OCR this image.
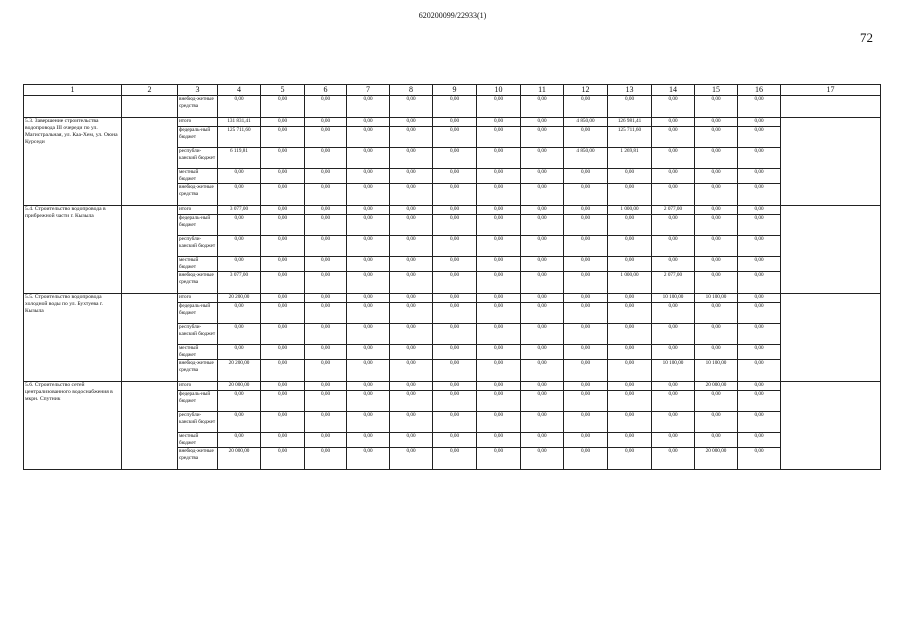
620200099/22933(1)
72
1	2	3	4	5	6	7	8	9	10	11	12	13	14	15	16	17
		внебюд-жетные средства	0,00	0,00	0,00	0,00	0,00	0,00	0,00	0,00	0,00	0,00	0,00	0,00	0,00	
5.3. Завершение строительства водопровода III очереди по ул. Магистральная, ул. Каа-Хем, ул. Оюна Курседи		итого	131 831,41	0,00	0,00	0,00	0,00	0,00	0,00	0,00	4 850,00	126 981,41	0,00	0,00	0,00	
		федераль-ный бюджет	125 711,60	0,00	0,00	0,00	0,00	0,00	0,00	0,00	0,00	125 711,60	0,00	0,00	0,00	
		республи-канский бюджет	6 119,81	0,00	0,00	0,00	0,00	0,00	0,00	0,00	4 850,00	1 269,81	0,00	0,00	0,00	
		местный бюджет	0,00	0,00	0,00	0,00	0,00	0,00	0,00	0,00	0,00	0,00	0,00	0,00	0,00	
		внебюд-жетные средства	0,00	0,00	0,00	0,00	0,00	0,00	0,00	0,00	0,00	0,00	0,00	0,00	0,00	
5.4. Строительство водопровода в прибрежной части г. Кызыла		итого	3 077,00	0,00	0,00	0,00	0,00	0,00	0,00	0,00	0,00	1 000,00	2 077,00	0,00	0,00	
		федераль-ный бюджет	0,00	0,00	0,00	0,00	0,00	0,00	0,00	0,00	0,00	0,00	0,00	0,00	0,00	
		республи-канский бюджет	0,00	0,00	0,00	0,00	0,00	0,00	0,00	0,00	0,00	0,00	0,00	0,00	0,00	
		местный бюджет	0,00	0,00	0,00	0,00	0,00	0,00	0,00	0,00	0,00	0,00	0,00	0,00	0,00	
		внебюд-жетные средства	3 077,00	0,00	0,00	0,00	0,00	0,00	0,00	0,00	0,00	1 000,00	2 077,00	0,00	0,00	
5.5. Строительство водопровода холодной воды по ул. Бухтуева г. Кызыла		итого	20 200,00	0,00	0,00	0,00	0,00	0,00	0,00	0,00	0,00	0,00	10 100,00	10 100,00	0,00	
		федераль-ный бюджет	0,00	0,00	0,00	0,00	0,00	0,00	0,00	0,00	0,00	0,00	0,00	0,00	0,00	
		республи-канский бюджет	0,00	0,00	0,00	0,00	0,00	0,00	0,00	0,00	0,00	0,00	0,00	0,00	0,00	
		местный бюджет	0,00	0,00	0,00	0,00	0,00	0,00	0,00	0,00	0,00	0,00	0,00	0,00	0,00	
		внебюд-жетные средства	20 200,00	0,00	0,00	0,00	0,00	0,00	0,00	0,00	0,00	0,00	10 100,00	10 100,00	0,00	
5.6. Строительство сетей централизованного водоснабжения в мкрн. Спутник		итого	20 000,00	0,00	0,00	0,00	0,00	0,00	0,00	0,00	0,00	0,00	0,00	20 000,00	0,00	
		федераль-ный бюджет	0,00	0,00	0,00	0,00	0,00	0,00	0,00	0,00	0,00	0,00	0,00	0,00	0,00	
		республи-канский бюджет	0,00	0,00	0,00	0,00	0,00	0,00	0,00	0,00	0,00	0,00	0,00	0,00	0,00	
		местный бюджет	0,00	0,00	0,00	0,00	0,00	0,00	0,00	0,00	0,00	0,00	0,00	0,00	0,00	
		внебюд-жетные средства	20 000,00	0,00	0,00	0,00	0,00	0,00	0,00	0,00	0,00	0,00	0,00	20 000,00	0,00	
